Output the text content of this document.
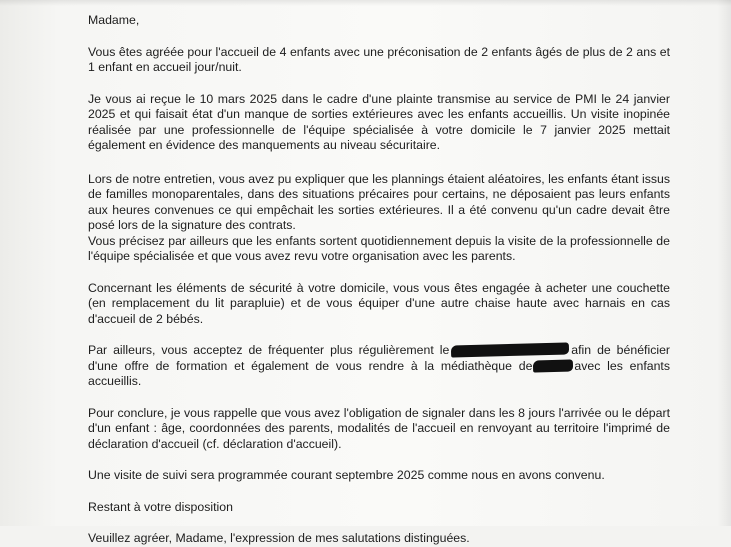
Madame,

Vous êtes agréée pour l'accueil de 4 enfants avec une préconisation de 2 enfants âgés de plus de 2 ans et 1 enfant en accueil jour/nuit.

Je vous ai reçue le 10 mars 2025 dans le cadre d'une plainte transmise au service de PMI le 24 janvier 2025 et qui faisait état d'un manque de sorties extérieures avec les enfants accueillis. Un visite inopinée réalisée par une professionnelle de l'équipe spécialisée à votre domicile le 7 janvier 2025 mettait également en évidence des manquements au niveau sécuritaire.

Lors de notre entretien, vous avez pu expliquer que les plannings étaient aléatoires, les enfants étant issus de familles monoparentales, dans des situations précaires pour certains, ne déposaient pas leurs enfants aux heures convenues ce qui empêchait les sorties extérieures. Il a été convenu qu'un cadre devait être posé lors de la signature des contrats.

Vous précisez par ailleurs que les enfants sortent quotidiennement depuis la visite de la professionnelle de l'équipe spécialisée et que vous avez revu votre organisation avec les parents.

Concernant les éléments de sécurité à votre domicile, vous vous êtes engagée à acheter une couchette (en remplacement du lit parapluie) et de vous équiper d'une autre chaise haute avec harnais en cas d'accueil de 2 bébés.

Par ailleurs, vous acceptez de fréquenter plus régulièrement le	afin de bénéficier d'une offre de formation et également de vous rendre à la médiathèque de	avec les enfants accueillis.

Pour conclure, je vous rappelle que vous avez l'obligation de signaler dans les 8 jours l'arrivée ou le départ d'un enfant : âge, coordonnées des parents, modalités de l'accueil en renvoyant au territoire l'imprimé de déclaration d'accueil (cf. déclaration d'accueil).

Une visite de suivi sera programmée courant septembre 2025 comme nous en avons convenu.

Restant à votre disposition

Veuillez agréer, Madame, l'expression de mes salutations distinguées.
